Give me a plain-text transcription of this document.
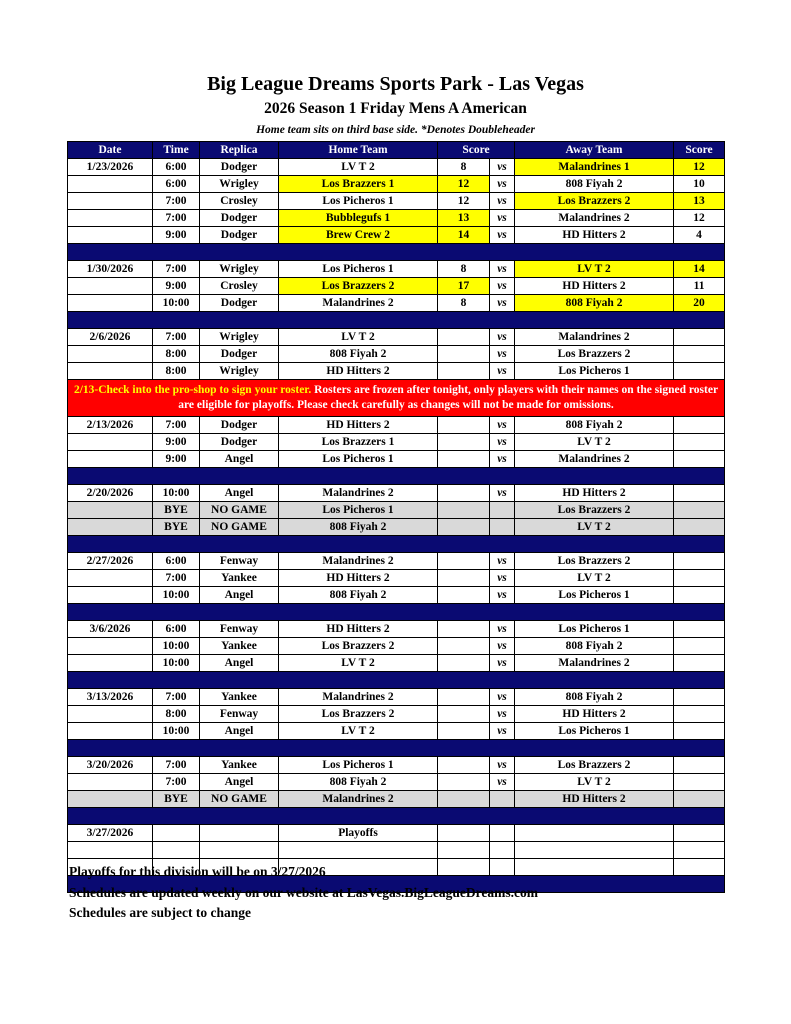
Big League Dreams Sports Park - Las Vegas
2026 Season 1 Friday Mens A American
Home team sits on third base side. *Denotes Doubleheader
Date	Time	Replica	Home Team	Score		Away Team	Score
1/23/2026	6:00	Dodger	LV T 2	8	vs	Malandrines 1	12
	6:00	Wrigley	Los Brazzers 1	12	vs	808 Fiyah 2	10
	7:00	Crosley	Los Picheros 1	12	vs	Los Brazzers 2	13
	7:00	Dodger	Bubblegufs 1	13	vs	Malandrines 2	12
	9:00	Dodger	Brew Crew 2	14	vs	HD Hitters 2	4

1/30/2026	7:00	Wrigley	Los Picheros 1	8	vs	LV T 2	14
	9:00	Crosley	Los Brazzers 2	17	vs	HD Hitters 2	11
	10:00	Dodger	Malandrines 2	8	vs	808 Fiyah 2	20

2/6/2026	7:00	Wrigley	LV T 2		vs	Malandrines 2	
	8:00	Dodger	808 Fiyah 2		vs	Los Brazzers 2	
	8:00	Wrigley	HD Hitters 2		vs	Los Picheros 1	
2/13-Check into the pro-shop to sign your roster. Rosters are frozen after tonight, only players with their names on the signed roster are eligible for playoffs. Please check carefully as changes will not be made for omissions.							
2/13/2026	7:00	Dodger	HD Hitters 2		vs	808 Fiyah 2	
	9:00	Dodger	Los Brazzers 1		vs	LV T 2	
	9:00	Angel	Los Picheros 1		vs	Malandrines 2	

2/20/2026	10:00	Angel	Malandrines 2		vs	HD Hitters 2	
	BYE	NO GAME	Los Picheros 1			Los Brazzers 2	
	BYE	NO GAME	808 Fiyah 2			LV T 2	

2/27/2026	6:00	Fenway	Malandrines 2		vs	Los Brazzers 2	
	7:00	Yankee	HD Hitters 2		vs	LV T 2	
	10:00	Angel	808 Fiyah 2		vs	Los Picheros 1	

3/6/2026	6:00	Fenway	HD Hitters 2		vs	Los Picheros 1	
	10:00	Yankee	Los Brazzers 2		vs	808 Fiyah 2	
	10:00	Angel	LV T 2		vs	Malandrines 2	

3/13/2026	7:00	Yankee	Malandrines 2		vs	808 Fiyah 2	
	8:00	Fenway	Los Brazzers 2		vs	HD Hitters 2	
	10:00	Angel	LV T 2		vs	Los Picheros 1	

3/20/2026	7:00	Yankee	Los Picheros 1		vs	Los Brazzers 2	
	7:00	Angel	808 Fiyah 2		vs	LV T 2	
	BYE	NO GAME	Malandrines 2			HD Hitters 2	

3/27/2026			Playoffs				

Playoffs for this division will be on 3/27/2026
Schedules are updated weekly on our website at LasVegas.BigLeagueDreams.com
Schedules are subject to change
